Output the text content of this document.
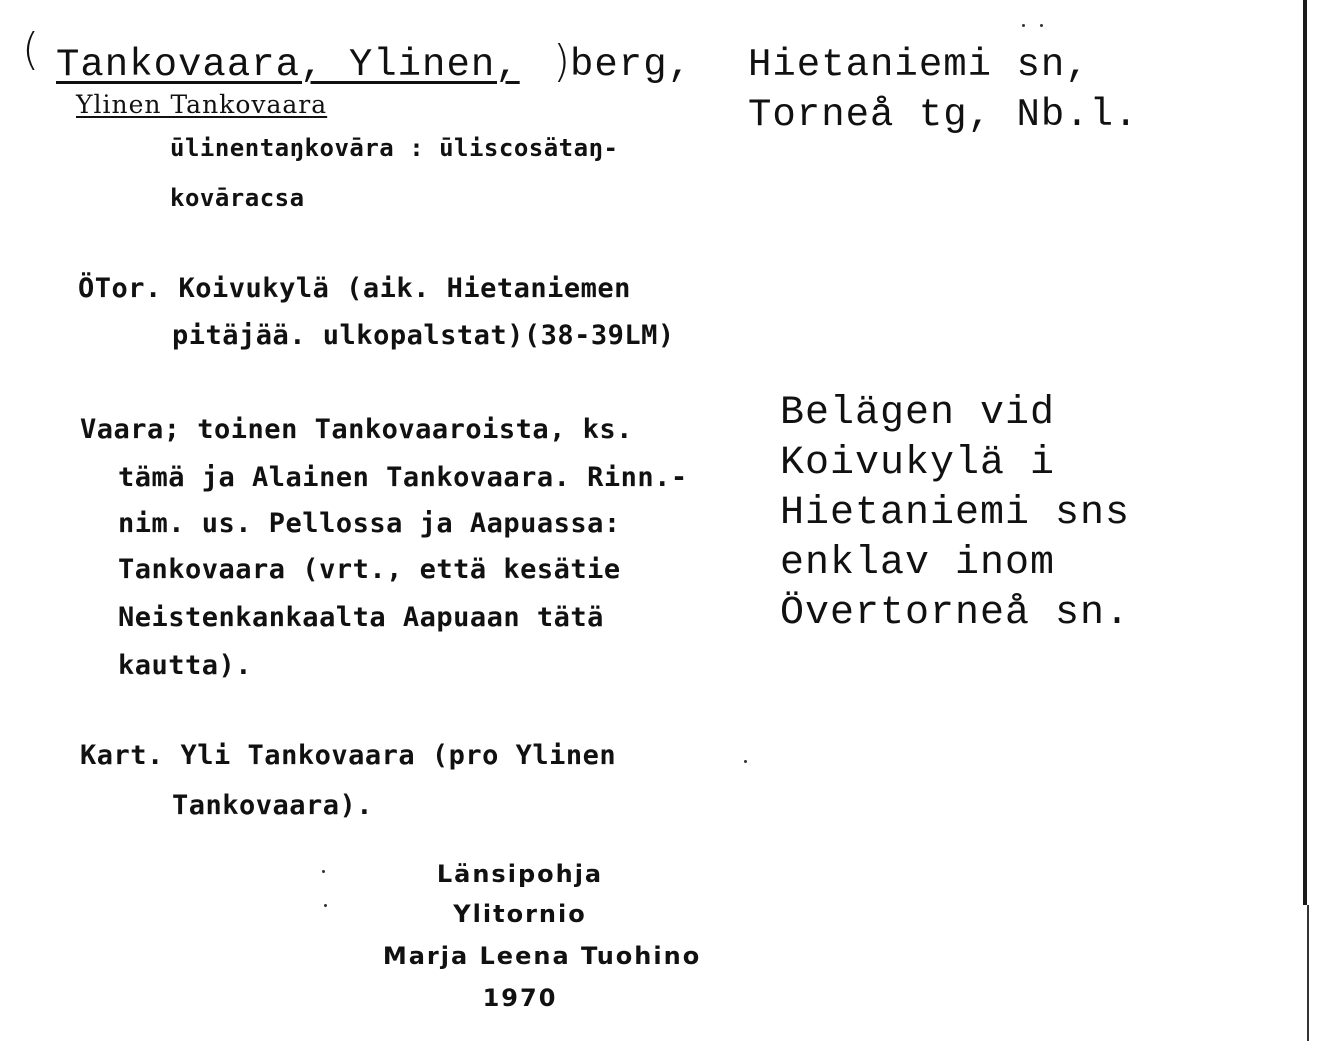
( Tankovaara, Ylinen, ) berg, Hietaniemi sn,
Torneå tg, Nb.l.
Ylinen Tankovaara
ūlinentaŋkovāra : ūliscosätaŋ-
kovāracsa
ÖTor. Koivukylä (aik. Hietaniemen
pitäjää. ulkopalstat)(38-39LM)
Vaara; toinen Tankovaaroista, ks.
tämä ja Alainen Tankovaara. Rinn.-
nim. us. Pellossa ja Aapuassa:
Tankovaara (vrt., että kesätie
Neistenkankaalta Aapuaan tätä
kautta).
Belägen vid
Koivukylä i
Hietaniemi sns
enklav inom
Övertorneå sn.
Kart. Yli Tankovaara (pro Ylinen
Tankovaara).
Länsipohja
Ylitornio
Marja Leena Tuohino
1970
